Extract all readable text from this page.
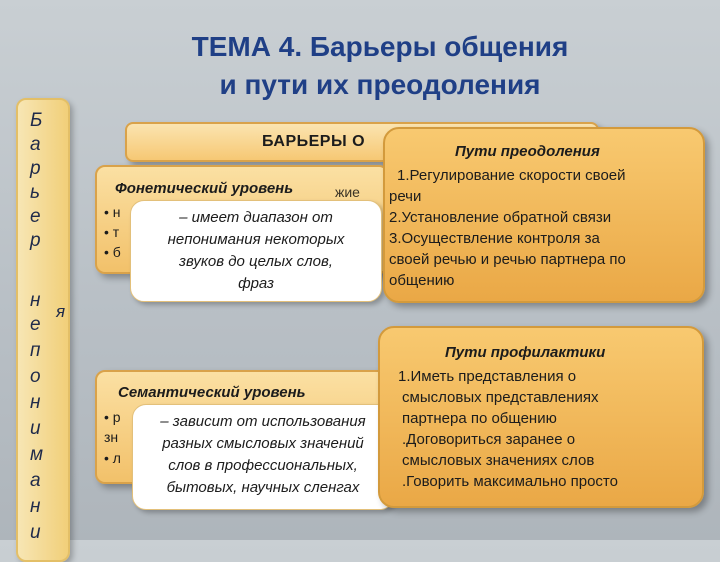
ТЕМА 4. Барьеры общения
и пути их преодоления
Б
а
р
ь
е
р
н
е
п
о
н
и
м
а
н
и
я
БАРЬЕРЫ О
Фонетический уровень	жие
• н
• т
• б
– имеет диапазон от
непонимания некоторых
звуков до целых слов,
фраз
Семантический уровень
• р
зн
• л
– зависит от использования
разных смысловых значений
слов в профессиональных,
бытовых, научных сленгах
Пути преодоления
1.Регулирование скорости своей
речи
2.Установление обратной связи
3.Осуществление контроля за
своей речью и речью партнера по
общению
Пути профилактики
1.Иметь представления о
смысловых представлениях
партнера по общению
.Договориться заранее о
смысловых значениях слов
.Говорить максимально просто
